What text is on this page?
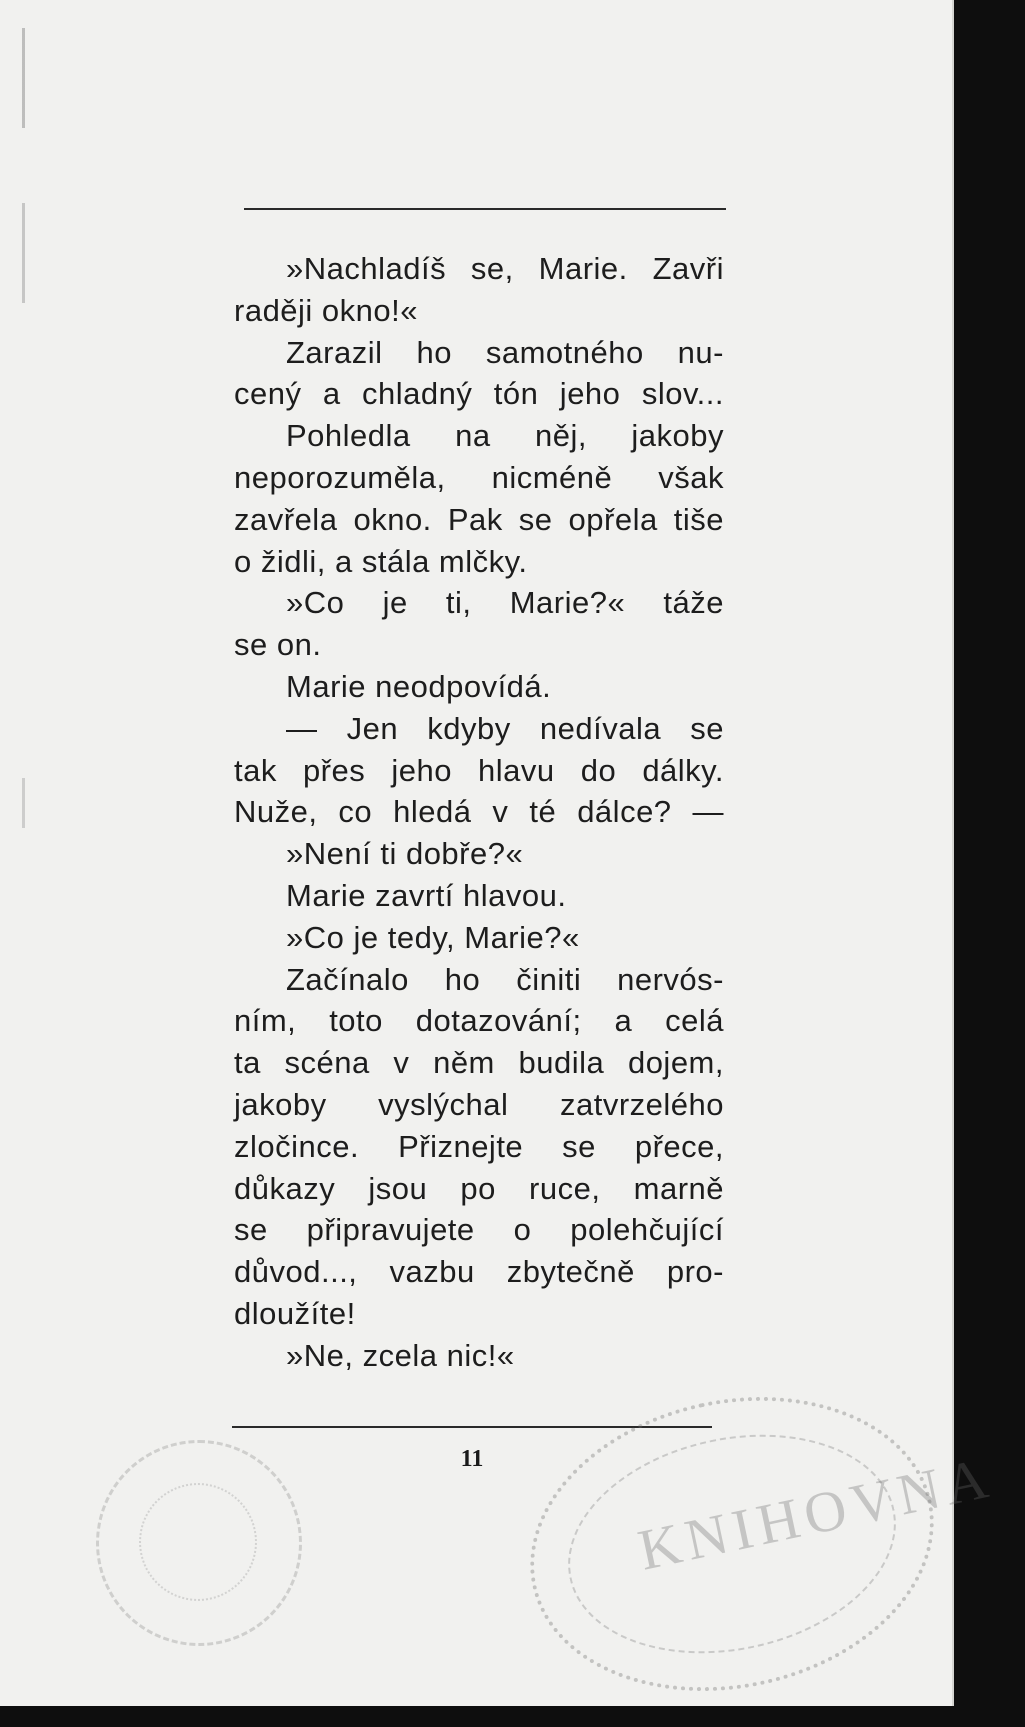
»Nachladíš se, Marie. Zavři
raději okno!«
Zarazil ho samotného nu-
cený a chladný tón jeho slov...
Pohledla na něj, jakoby
neporozuměla, nicméně však
zavřela okno. Pak se opřela tiše
o židli, a stála mlčky.
»Co je ti, Marie?« táže
se on.
Marie neodpovídá.
— Jen kdyby nedívala se
tak přes jeho hlavu do dálky.
Nuže, co hledá v té dálce? —
»Není ti dobře?«
Marie zavrtí hlavou.
»Co je tedy, Marie?«
Začínalo ho činiti nervós-
ním, toto dotazování; a celá
ta scéna v něm budila dojem,
jakoby vyslýchal zatvrzelého
zločince. Přiznejte se přece,
důkazy jsou po ruce, marně
se připravujete o polehčující
důvod..., vazbu zbytečně pro-
dloužíte!
»Ne, zcela nic!«
11	KNIHOVNA
